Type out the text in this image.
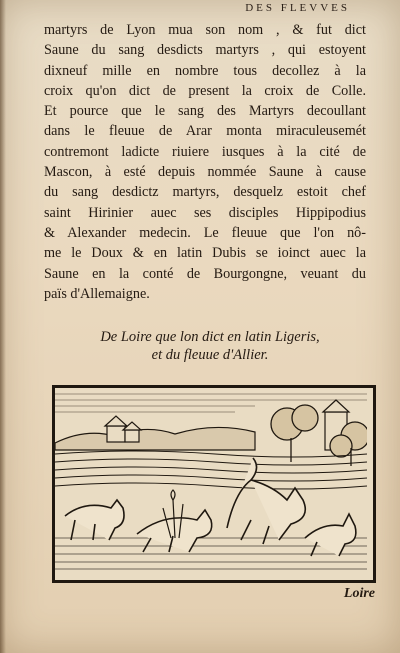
DES FLEVVES
martyrs de Lyon mua son nom , & fut dict
Saune du sang desdicts martyrs , qui estoyent
dixneuf mille en nombre tous decollez à la
croix qu'on dict de present la croix de Colle.
Et pource que le sang des Martyrs decoullant
dans le fleuue de Arar monta miraculeusemét
contremont ladicte riuiere iusques à la cité de
Mascon, à esté depuis nommée Saune à cause
du sang desdictz martyrs, desquelz estoit chef
saint Hirinier auec ses disciples Hippipodius
& Alexander medecin. Le fleuue que l'on nô-
me le Doux & en latin Dubis se ioinct auec la
Saune en la conté de Bourgongne, veuant du
païs d'Allemaigne.
De Loire que lon dict en latin Ligeris,
et du fleuue d'Allier.
Loire
